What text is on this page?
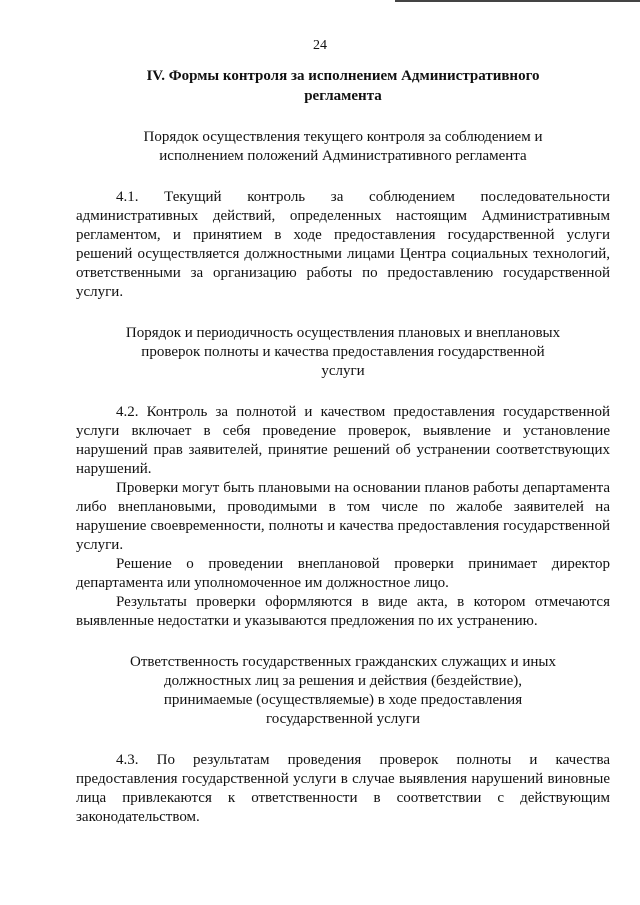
24
IV. Формы контроля за исполнением Административного
регламента
Порядок осуществления текущего контроля за соблюдением и
исполнением положений Административного регламента

4.1. Текущий контроль за соблюдением последовательности административных действий, определенных настоящим Административным регламентом, и принятием в ходе предоставления государственной услуги решений осуществляется должностными лицами Центра социальных технологий, ответственными за организацию работы по предоставлению государственной услуги.

Порядок и периодичность осуществления плановых и внеплановых
проверок полноты и качества предоставления государственной
услуги

4.2. Контроль за полнотой и качеством предоставления государственной услуги включает в себя проведение проверок, выявление и установление нарушений прав заявителей, принятие решений об устранении соответствующих нарушений.

Проверки могут быть плановыми на основании планов работы департамента либо внеплановыми, проводимыми в том числе по жалобе заявителей на нарушение своевременности, полноты и качества предоставления государственной услуги.

Решение о проведении внеплановой проверки принимает директор департамента или уполномоченное им должностное лицо.

Результаты проверки оформляются в виде акта, в котором отмечаются выявленные недостатки и указываются предложения по их устранению.

Ответственность государственных гражданских служащих и иных
должностных лиц за решения и действия (бездействие),
принимаемые (осуществляемые) в ходе предоставления
государственной услуги

4.3. По результатам проведения проверок полноты и качества предоставления государственной услуги в случае выявления нарушений виновные лица привлекаются к ответственности в соответствии с действующим законодательством.
